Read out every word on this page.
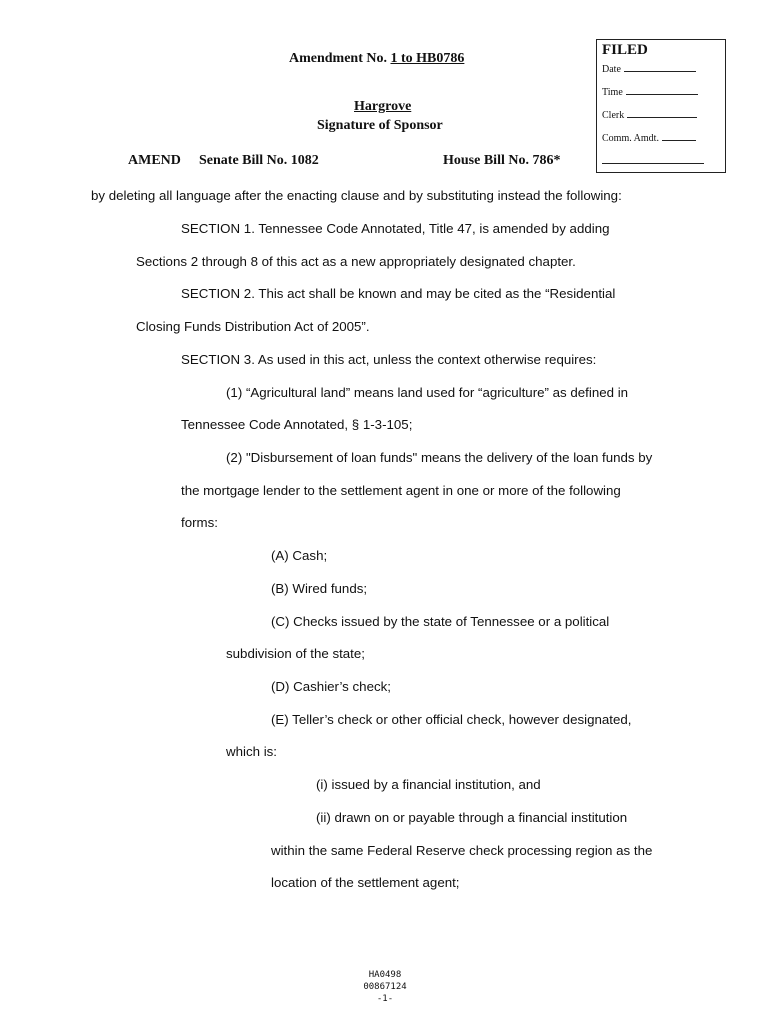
Amendment No. 1 to HB0786
Hargrove
Signature of Sponsor
AMEND Senate Bill No. 1082	House Bill No. 786*
FILED
Date
Time
Clerk
Comm. Amdt.
by deleting all language after the enacting clause and by substituting instead the following:
SECTION 1. Tennessee Code Annotated, Title 47, is amended by adding
Sections 2 through 8 of this act as a new appropriately designated chapter.
SECTION 2. This act shall be known and may be cited as the “Residential
Closing Funds Distribution Act of 2005”.
SECTION 3. As used in this act, unless the context otherwise requires:
(1) “Agricultural land” means land used for “agriculture” as defined in
Tennessee Code Annotated, § 1-3-105;
(2) "Disbursement of loan funds" means the delivery of the loan funds by
the mortgage lender to the settlement agent in one or more of the following
forms:
(A) Cash;
(B) Wired funds;
(C) Checks issued by the state of Tennessee or a political
subdivision of the state;
(D) Cashier’s check;
(E) Teller’s check or other official check, however designated,
which is:
(i) issued by a financial institution, and
(ii) drawn on or payable through a financial institution
within the same Federal Reserve check processing region as the
location of the settlement agent;
HA0498
00867124
-1-
